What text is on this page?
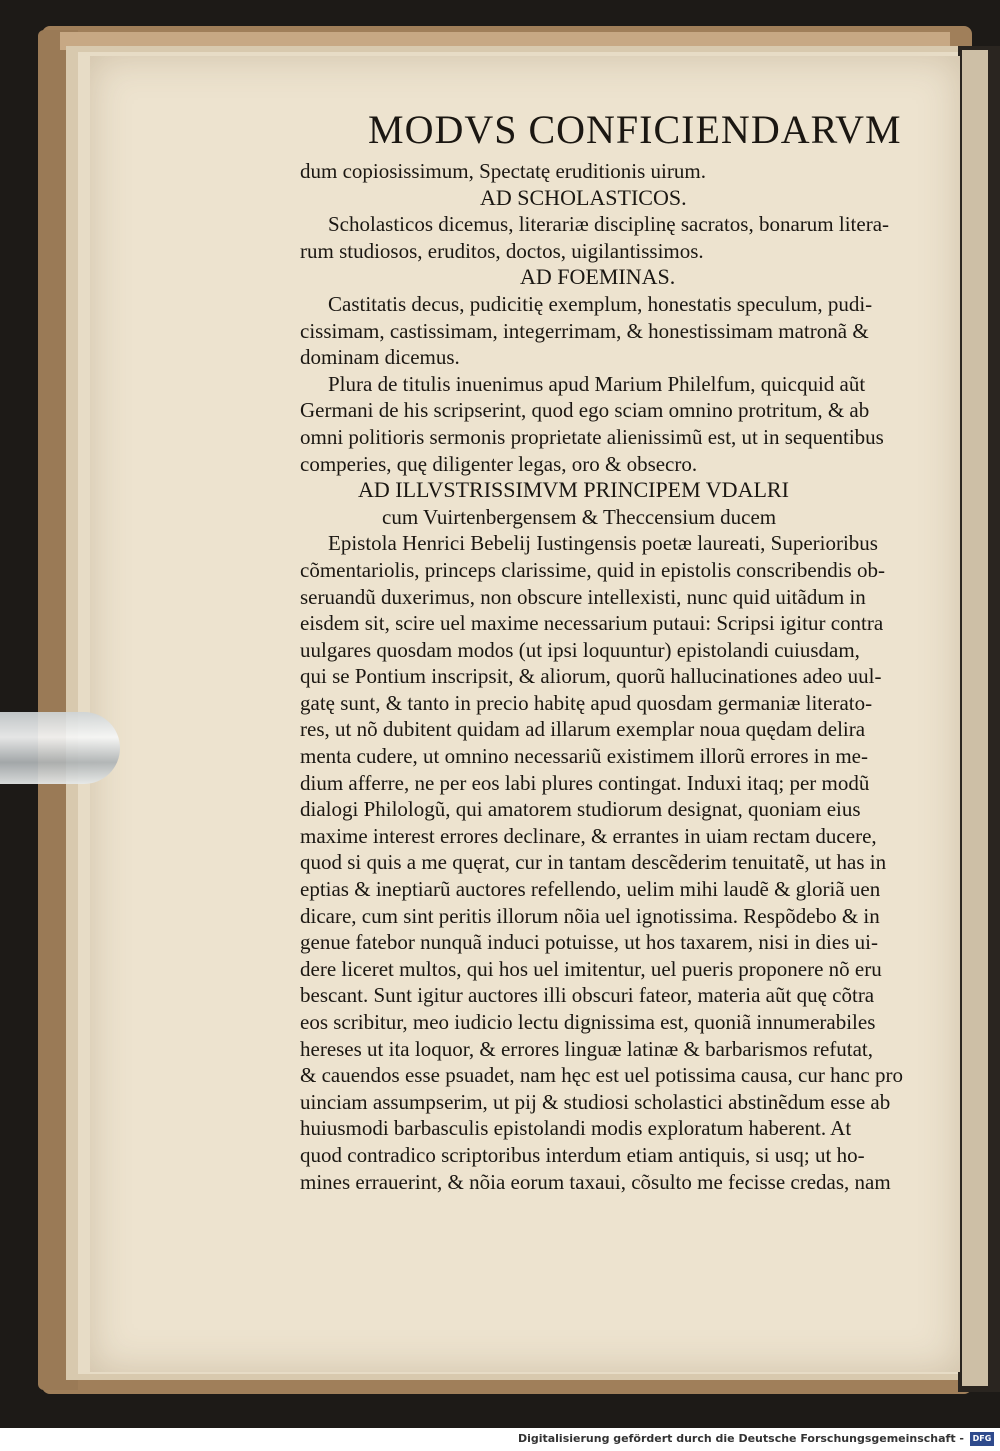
MODVS CONFICIENDARVM
dum copiosissimum, Spectatę eruditionis uirum.
AD SCHOLASTICOS.
Scholasticos dicemus, literariæ disciplinę sacratos, bonarum litera-
rum studiosos, eruditos, doctos, uigilantissimos.
AD FOEMINAS.
Castitatis decus, pudicitię exemplum, honestatis speculum, pudi-
cissimam, castissimam, integerrimam, & honestissimam matronã &
dominam dicemus.
Plura de titulis inuenimus apud Marium Philelfum, quicquid aũt
Germani de his scripserint, quod ego sciam omnino protritum, & ab
omni politioris sermonis proprietate alienissimũ est, ut in sequentibus
comperies, quę diligenter legas, oro & obsecro.
AD ILLVSTRISSIMVM PRINCIPEM VDALRI
cum Vuirtenbergensem & Theccensium ducem
Epistola Henrici Bebelij Iustingensis poetæ laureati, Superioribus
cõmentariolis, princeps clarissime, quid in epistolis conscribendis ob-
seruandũ duxerimus, non obscure intellexisti, nunc quid uitãdum in
eisdem sit, scire uel maxime necessarium putaui: Scripsi igitur contra
uulgares quosdam modos (ut ipsi loquuntur) epistolandi cuiusdam,
qui se Pontium inscripsit, & aliorum, quorũ hallucinationes adeo uul-
gatę sunt, & tanto in precio habitę apud quosdam germaniæ literato-
res, ut nõ dubitent quidam ad illarum exemplar noua quędam delira
menta cudere, ut omnino necessariũ existimem illorũ errores in me-
dium afferre, ne per eos labi plures contingat. Induxi itaq; per modũ
dialogi Philologũ, qui amatorem studiorum designat, quoniam eius
maxime interest errores declinare, & errantes in uiam rectam ducere,
quod si quis a me quęrat, cur in tantam descẽderim tenuitatẽ, ut has in
eptias & ineptiarũ auctores refellendo, uelim mihi laudẽ & gloriã uen
dicare, cum sint peritis illorum nõia uel ignotissima. Respõdebo & in
genue fatebor nunquã induci potuisse, ut hos taxarem, nisi in dies ui-
dere liceret multos, qui hos uel imitentur, uel pueris proponere nõ eru
bescant. Sunt igitur auctores illi obscuri fateor, materia aũt quę cõtra
eos scribitur, meo iudicio lectu dignissima est, quoniã innumerabiles
hereses ut ita loquor, & errores linguæ latinæ & barbarismos refutat,
& cauendos esse psuadet, nam hęc est uel potissima causa, cur hanc pro
uinciam assumpserim, ut pij & studiosi scholastici abstinẽdum esse ab
huiusmodi barbasculis epistolandi modis exploratum haberent. At
quod contradico scriptoribus interdum etiam antiquis, si usq; ut ho-
mines errauerint, & nõia eorum taxaui, cõsulto me fecisse credas, nam
Digitalisierung gefördert durch die Deutsche Forschungsgemeinschaft -	DFG
